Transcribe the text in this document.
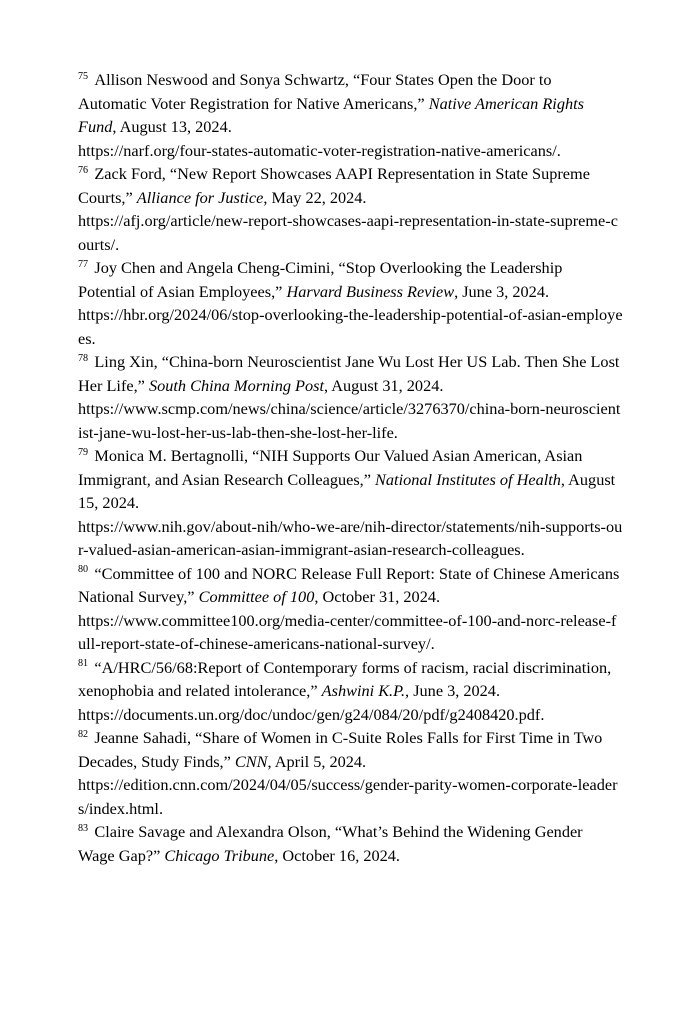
$^{75}$ Allison Neswood and Sonya Schwartz, “Four States Open the Door to Automatic Voter Registration for Native Americans,” Native American Rights Fund, August 13, 2024.
https://narf.org/four-states-automatic-voter-registration-native-americans/.

$^{76}$ Zack Ford, “New Report Showcases AAPI Representation in State Supreme Courts,” Alliance for Justice, May 22, 2024.
https://afj.org/article/new-report-showcases-aapi-representation-in-state-supreme-courts/.

$^{77}$ Joy Chen and Angela Cheng-Cimini, “Stop Overlooking the Leadership Potential of Asian Employees,” Harvard Business Review, June 3, 2024.
https://hbr.org/2024/06/stop-overlooking-the-leadership-potential-of-asian-employees.

$^{78}$ Ling Xin, “China-born Neuroscientist Jane Wu Lost Her US Lab. Then She Lost Her Life,” South China Morning Post, August 31, 2024.
https://www.scmp.com/news/china/science/article/3276370/china-born-neuroscientist-jane-wu-lost-her-us-lab-then-she-lost-her-life.

$^{79}$ Monica M. Bertagnolli, “NIH Supports Our Valued Asian American, Asian Immigrant, and Asian Research Colleagues,” National Institutes of Health, August 15, 2024.
https://www.nih.gov/about-nih/who-we-are/nih-director/statements/nih-supports-our-valued-asian-american-asian-immigrant-asian-research-colleagues.

$^{80}$ “Committee of 100 and NORC Release Full Report: State of Chinese Americans National Survey,” Committee of 100, October 31, 2024.
https://www.committee100.org/media-center/committee-of-100-and-norc-release-full-report-state-of-chinese-americans-national-survey/.

$^{81}$ “A/HRC/56/68:Report of Contemporary forms of racism, racial discrimination, xenophobia and related intolerance,” Ashwini K.P., June 3, 2024.
https://documents.un.org/doc/undoc/gen/g24/084/20/pdf/g2408420.pdf.

$^{82}$ Jeanne Sahadi, “Share of Women in C-Suite Roles Falls for First Time in Two Decades, Study Finds,” CNN, April 5, 2024.
https://edition.cnn.com/2024/04/05/success/gender-parity-women-corporate-leaders/index.html.

$^{83}$ Claire Savage and Alexandra Olson, “What’s Behind the Widening Gender Wage Gap?” Chicago Tribune, October 16, 2024.
